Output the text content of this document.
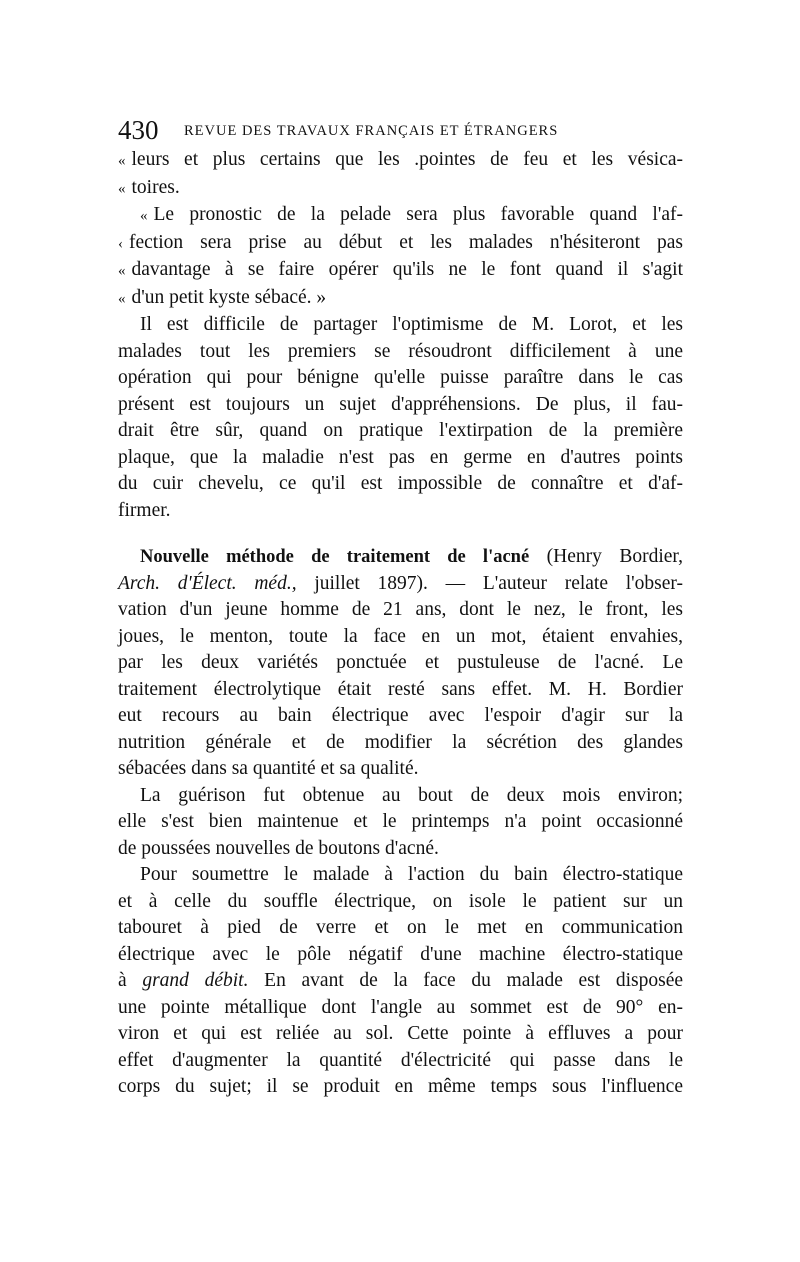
430 REVUE DES TRAVAUX FRANÇAIS ET ÉTRANGERS
« leurs et plus certains que les .pointes de feu et les vésica-
« toires.
« Le pronostic de la pelade sera plus favorable quand l'af-
‹ fection sera prise au début et les malades n'hésiteront pas
« davantage à se faire opérer qu'ils ne le font quand il s'agit
« d'un petit kyste sébacé. »
Il est difficile de partager l'optimisme de M. Lorot, et les
malades tout les premiers se résoudront difficilement à une
opération qui pour bénigne qu'elle puisse paraître dans le cas
présent est toujours un sujet d'appréhensions. De plus, il fau-
drait être sûr, quand on pratique l'extirpation de la première
plaque, que la maladie n'est pas en germe en d'autres points
du cuir chevelu, ce qu'il est impossible de connaître et d'af-
firmer.
Nouvelle méthode de traitement de l'acné (Henry Bordier,
Arch. d'Élect. méd., juillet 1897). — L'auteur relate l'obser-
vation d'un jeune homme de 21 ans, dont le nez, le front, les
joues, le menton, toute la face en un mot, étaient envahies,
par les deux variétés ponctuée et pustuleuse de l'acné. Le
traitement électrolytique était resté sans effet. M. H. Bordier
eut recours au bain électrique avec l'espoir d'agir sur la
nutrition générale et de modifier la sécrétion des glandes
sébacées dans sa quantité et sa qualité.
La guérison fut obtenue au bout de deux mois environ;
elle s'est bien maintenue et le printemps n'a point occasionné
de poussées nouvelles de boutons d'acné.
Pour soumettre le malade à l'action du bain électro-statique
et à celle du souffle électrique, on isole le patient sur un
tabouret à pied de verre et on le met en communication
électrique avec le pôle négatif d'une machine électro-statique
à grand débit. En avant de la face du malade est disposée
une pointe métallique dont l'angle au sommet est de 90° en-
viron et qui est reliée au sol. Cette pointe à effluves a pour
effet d'augmenter la quantité d'électricité qui passe dans le
corps du sujet; il se produit en même temps sous l'influence
